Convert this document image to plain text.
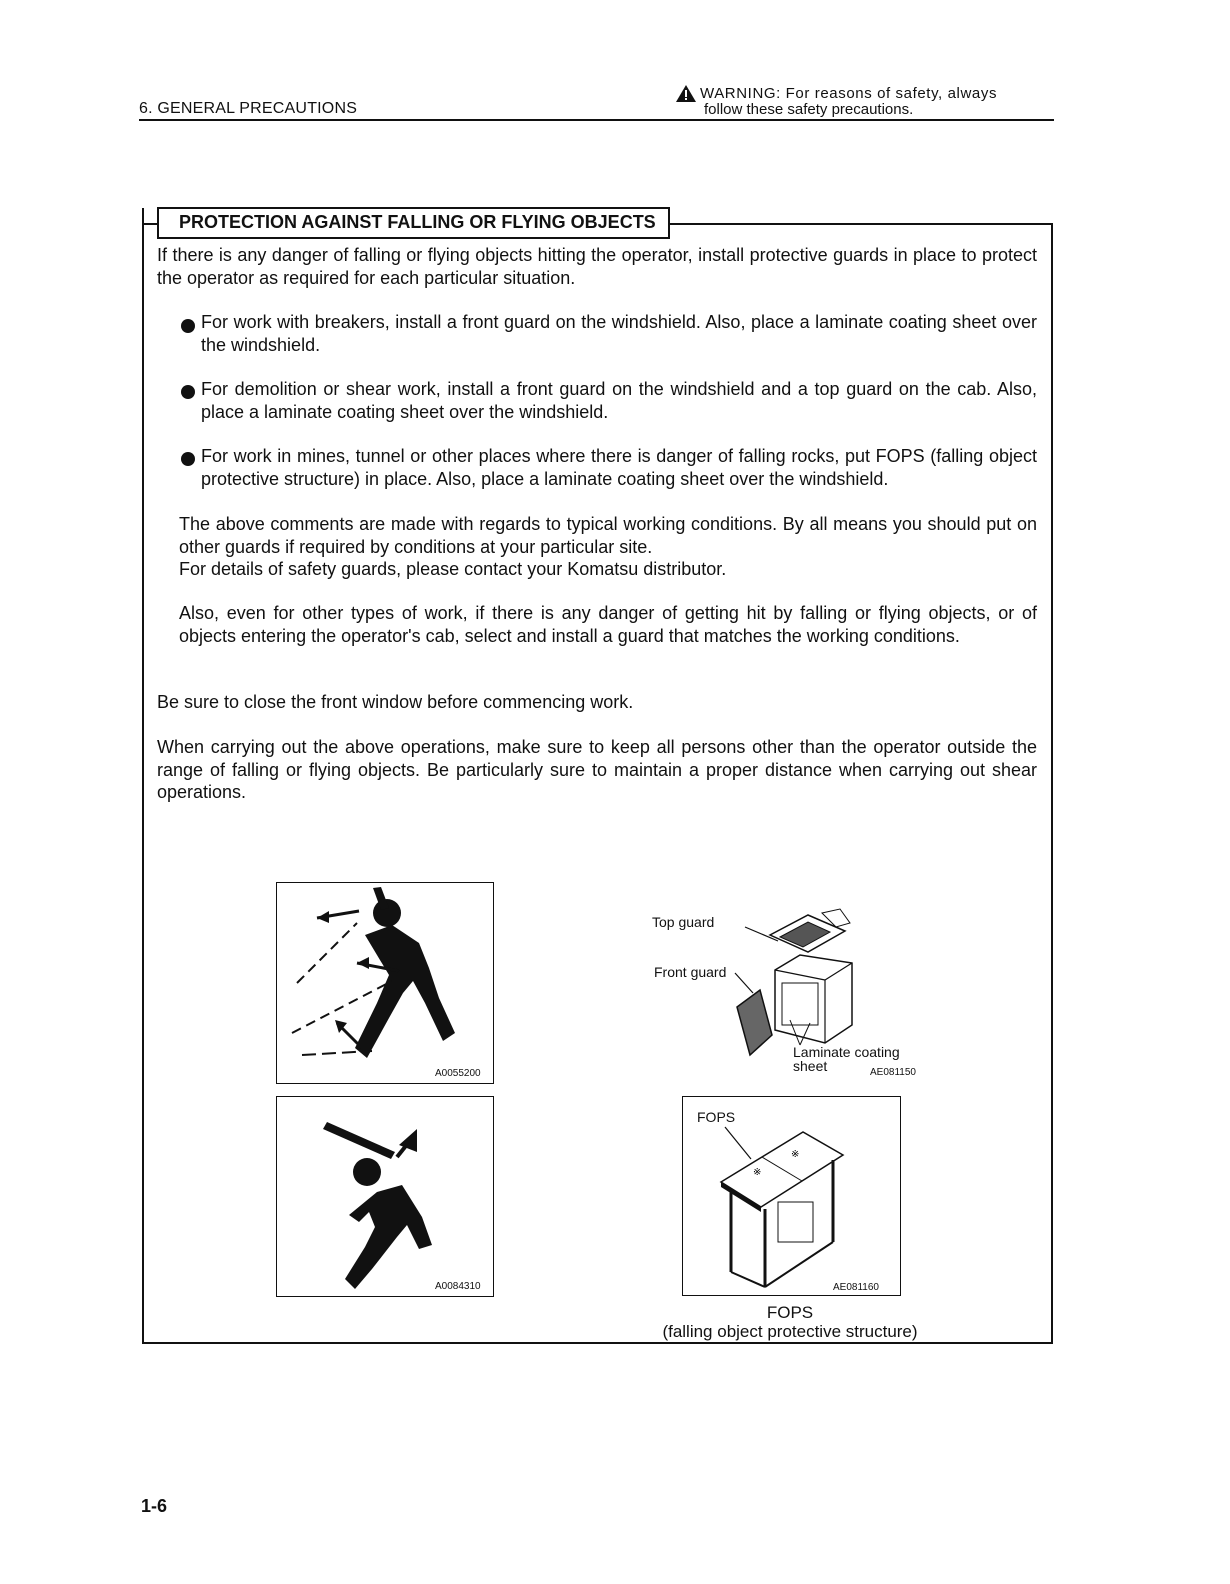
6. GENERAL PRECAUTIONS
WARNING: For reasons of safety, always
follow these safety precautions.
PROTECTION AGAINST FALLING OR FLYING OBJECTS
If there is any danger of falling or flying objects hitting the operator, install protective guards in place to protect the operator as required for each particular situation.
For work with breakers, install a front guard on the windshield. Also, place a laminate coating sheet over the windshield.
For demolition or shear work, install a front guard on the windshield and a top guard on the cab. Also, place a laminate coating sheet over the windshield.
For work in mines, tunnel or other places where there is danger of falling rocks, put FOPS (falling object protective structure) in place. Also, place a laminate coating sheet over the windshield.
The above comments are made with regards to typical working conditions. By all means you should put on other guards if required by conditions at your particular site.
For details of safety guards, please contact your Komatsu distributor.
Also, even for other types of work, if there is any danger of getting hit by falling or flying objects, or of objects entering the operator's cab, select and install a guard that matches the working conditions.
Be sure to close the front window before commencing work.
When carrying out the above operations, make sure to keep all persons other than the operator outside the range of falling or flying objects. Be particularly sure to maintain a proper distance when carrying out shear operations.
A0055200
A0084310
Top guard
Front guard
Laminate coating
sheet	AE081150
FOPS
※
※
AE081160
FOPS
(falling object protective structure)
1-6
